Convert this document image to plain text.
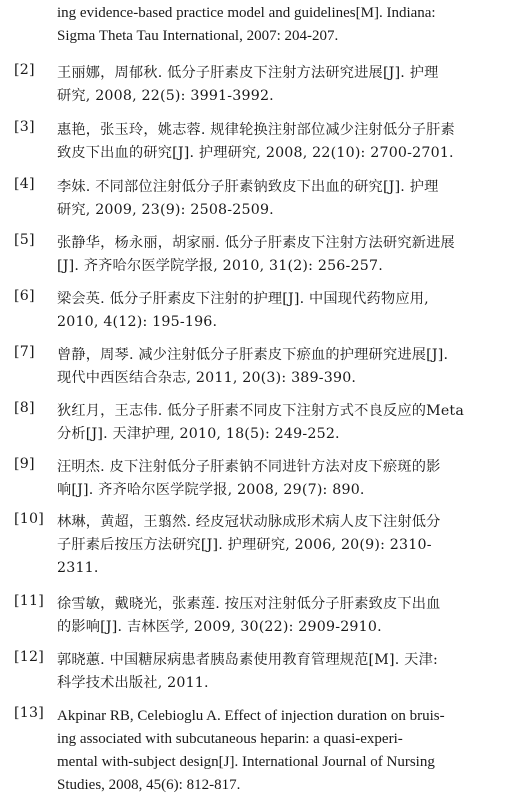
ing evidence-based practice model and guidelines[M]. Indiana:
Sigma Theta Tau International, 2007: 204-207.
[2]	王丽娜，周郁秋. 低分子肝素皮下注射方法研究进展[J]. 护理
研究, 2008, 22(5): 3991-3992.
[3]	惠艳，张玉玲，姚志蓉. 规律轮换注射部位减少注射低分子肝素
致皮下出血的研究[J]. 护理研究, 2008, 22(10): 2700-2701.
[4]	李妹. 不同部位注射低分子肝素钠致皮下出血的研究[J]. 护理
研究, 2009, 23(9): 2508-2509.
[5]	张静华，杨永丽，胡家丽. 低分子肝素皮下注射方法研究新进展
[J]. 齐齐哈尔医学院学报, 2010, 31(2): 256-257.
[6]	梁会英. 低分子肝素皮下注射的护理[J]. 中国现代药物应用,
2010, 4(12): 195-196.
[7]	曾静，周琴. 减少注射低分子肝素皮下瘀血的护理研究进展[J].
现代中西医结合杂志, 2011, 20(3): 389-390.
[8]	狄红月，王志伟. 低分子肝素不同皮下注射方式不良反应的Meta
分析[J]. 天津护理, 2010, 18(5): 249-252.
[9]	汪明杰. 皮下注射低分子肝素钠不同进针方法对皮下瘀斑的影
响[J]. 齐齐哈尔医学院学报, 2008, 29(7): 890.
[10] 林琳，黄超，王翦然. 经皮冠状动脉成形术病人皮下注射低分
子肝素后按压方法研究[J]. 护理研究, 2006, 20(9): 2310-
2311.
[11] 徐雪敏，戴晓光，张素莲. 按压对注射低分子肝素致皮下出血
的影响[J]. 吉林医学, 2009, 30(22): 2909-2910.
[12] 郭晓蕙. 中国糖尿病患者胰岛素使用教育管理规范[M]. 天津:
科学技术出版社, 2011.
[13] Akpinar RB, Celebioglu A. Effect of injection duration on bruis-
ing associated with subcutaneous heparin: a quasi-experi-
mental with-subject design[J]. International Journal of Nursing
Studies, 2008, 45(6): 812-817.
